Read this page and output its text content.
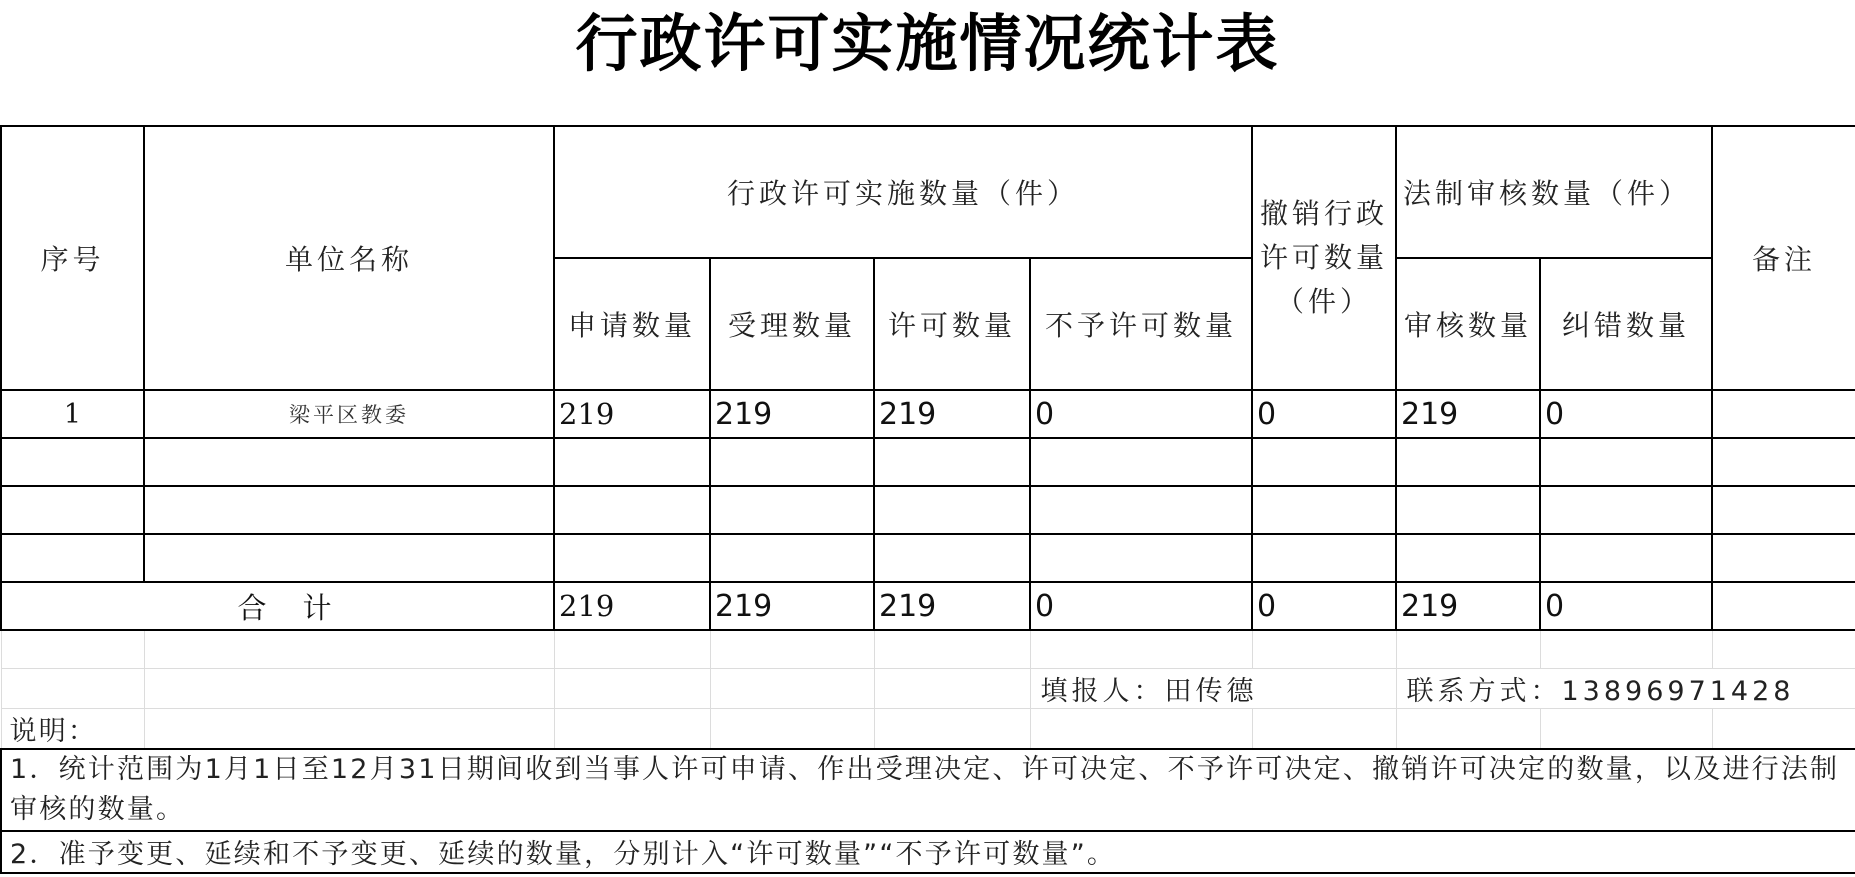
行政许可实施情况统计表

序号	单位名称	行政许可实施数量（件）				撤销行政许可数量（件）	法制审核数量（件）		备注
		申请数量	受理数量	许可数量	不予许可数量		审核数量	纠错数量	
1	梁平区教委	219	219	219	0	0	219	0	

合计		219	219	219	0	0	219	0	

					填报人：田传德		联系方式：13896971428		
说明：									
1．统计范围为1月1日至12月31日期间收到当事人许可申请、作出受理决定、许可决定、不予许可决定、撤销许可决定的数量，以及进行法制审核的数量。									
2．准予变更、延续和不予变更、延续的数量，分别计入“许可数量”“不予许可数量”。									
